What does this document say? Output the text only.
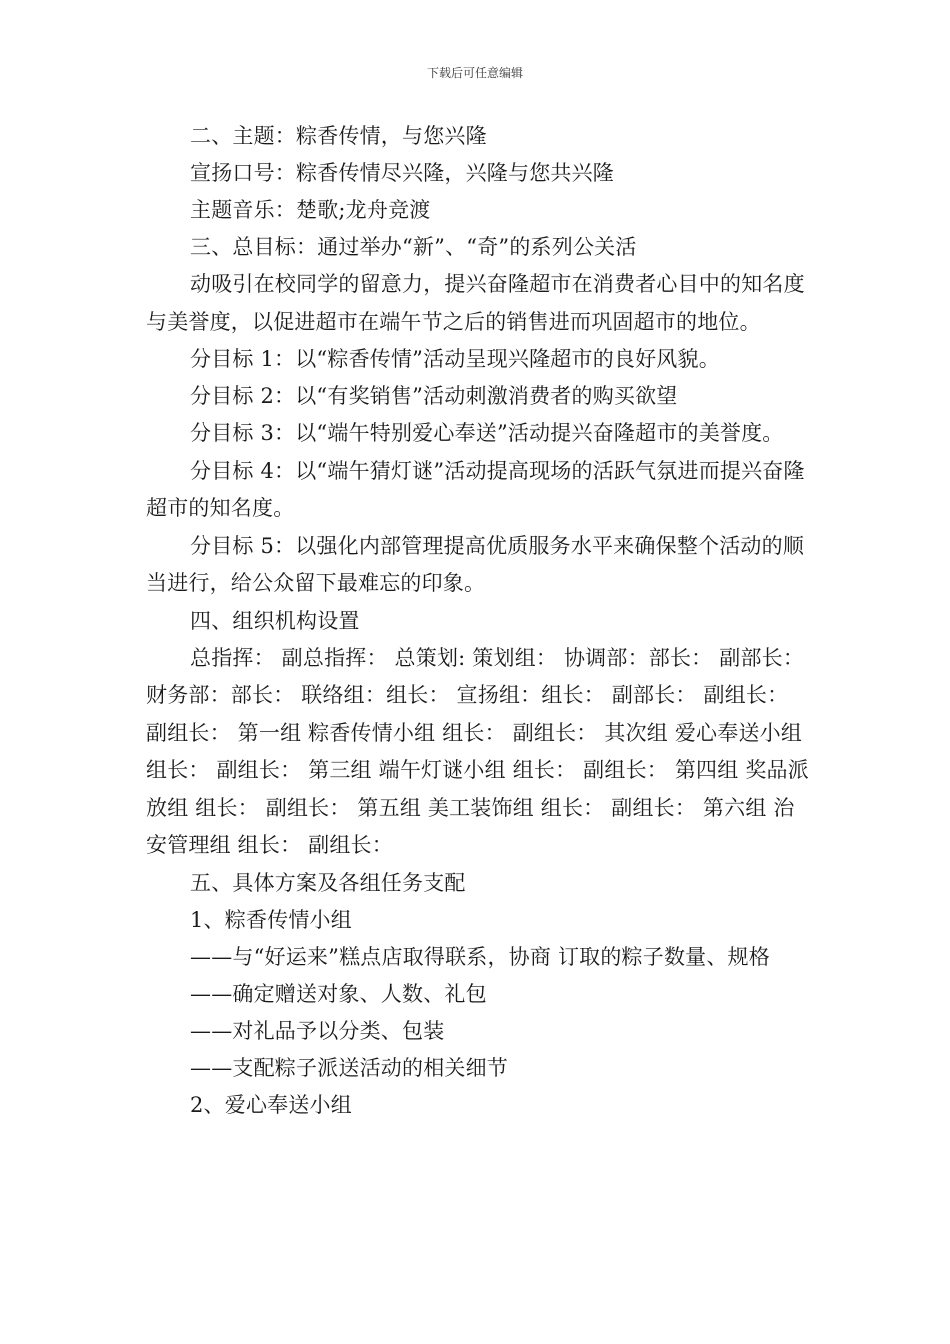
下载后可任意编辑

二、主题：粽香传情，与您兴隆

宣扬口号：粽香传情尽兴隆，兴隆与您共兴隆

主题音乐：楚歌;龙舟竞渡

三、总目标：通过举办“新”、“奇”的系列公关活

动吸引在校同学的留意力，提兴奋隆超市在消费者心目中的知名度与美誉度，以促进超市在端午节之后的销售进而巩固超市的地位。

分目标 1：以“粽香传情”活动呈现兴隆超市的良好风貌。

分目标 2：以“有奖销售”活动刺激消费者的购买欲望

分目标 3：以“端午特别爱心奉送”活动提兴奋隆超市的美誉度。

分目标 4：以“端午猜灯谜”活动提高现场的活跃气氛进而提兴奋隆超市的知名度。

分目标 5：以强化内部管理提高优质服务水平来确保整个活动的顺当进行，给公众留下最难忘的印象。

四、组织机构设置

总指挥： 副总指挥： 总策划: 策划组： 协调部：部长： 副部长： 财务部：部长： 联络组：组长： 宣扬组：组长： 副部长： 副组长： 副组长： 第一组 粽香传情小组 组长： 副组长： 其次组 爱心奉送小组 组长： 副组长： 第三组 端午灯谜小组 组长： 副组长： 第四组 奖品派放组 组长： 副组长： 第五组 美工装饰组 组长： 副组长： 第六组 治安管理组 组长： 副组长：

五、具体方案及各组任务支配

1、粽香传情小组

——与“好运来”糕点店取得联系，协商 订取的粽子数量、规格

——确定赠送对象、人数、礼包

——对礼品予以分类、包装

——支配粽子派送活动的相关细节

2、爱心奉送小组
